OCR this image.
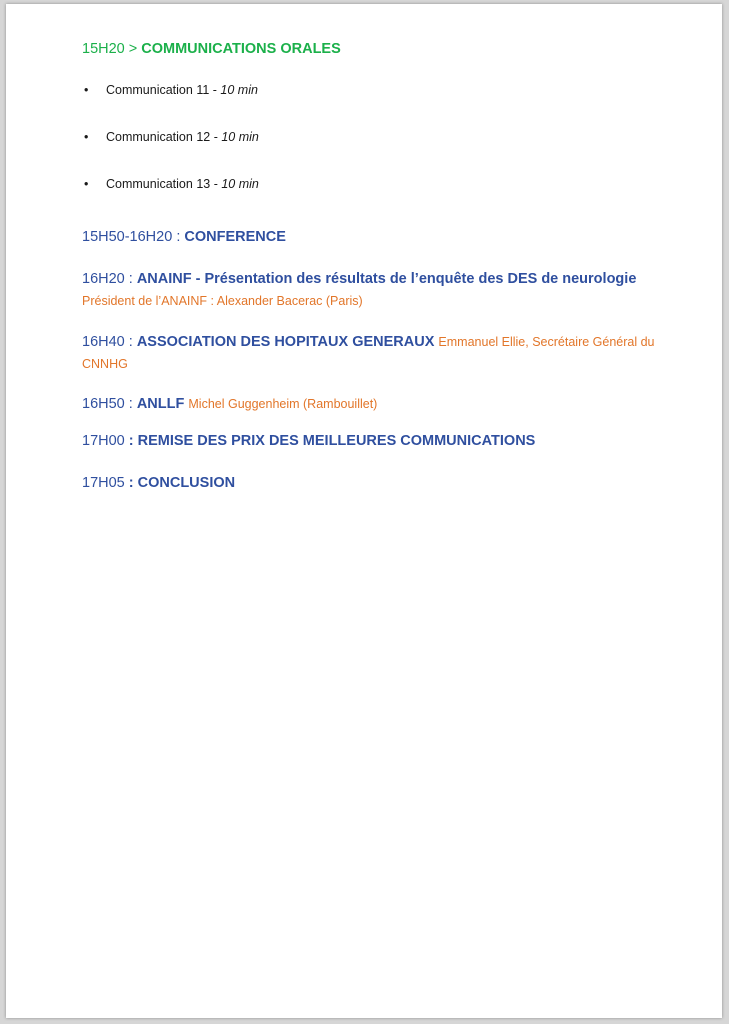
15H20 > COMMUNICATIONS ORALES
• Communication 11 - 10 min
• Communication 12 - 10 min
• Communication 13 - 10 min
15H50-16H20 : CONFERENCE
16H20 : ANAINF - Présentation des résultats de l’enquête des DES de neurologie Président de l’ANAINF : Alexander Bacerac (Paris)
16H40 : ASSOCIATION DES HOPITAUX GENERAUX Emmanuel Ellie, Secrétaire Général du CNNHG
16H50 : ANLLF Michel Guggenheim (Rambouillet)
17H00 : REMISE DES PRIX DES MEILLEURES COMMUNICATIONS
17H05 : CONCLUSION
